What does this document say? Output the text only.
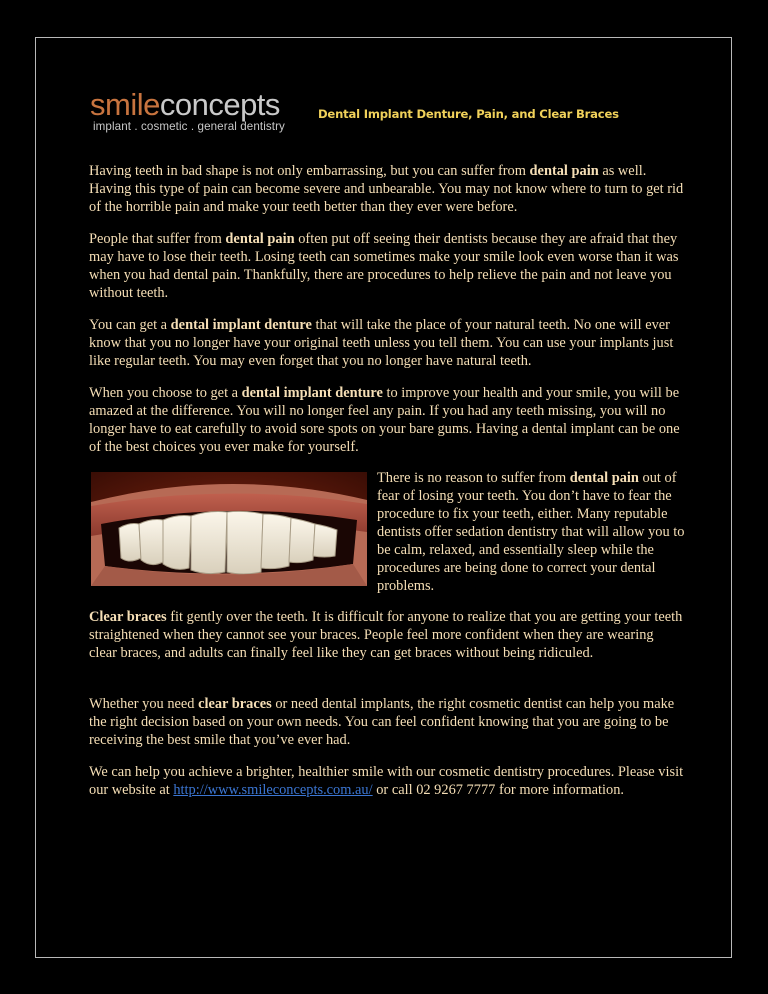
smileconcepts
implant . cosmetic . general dentistry
Dental Implant Denture, Pain, and Clear Braces

Having teeth in bad shape is not only embarrassing, but you can suffer from dental pain as well. Having this type of pain can become severe and unbearable. You may not know where to turn to get rid of the horrible pain and make your teeth better than they ever were before.

People that suffer from dental pain often put off seeing their dentists because they are afraid that they may have to lose their teeth. Losing teeth can sometimes make your smile look even worse than it was when you had dental pain. Thankfully, there are procedures to help relieve the pain and not leave you without teeth.

You can get a dental implant denture that will take the place of your natural teeth. No one will ever know that you no longer have your original teeth unless you tell them. You can use your implants just like regular teeth. You may even forget that you no longer have natural teeth.

When you choose to get a dental implant denture to improve your health and your smile, you will be amazed at the difference. You will no longer feel any pain. If you had any teeth missing, you will no longer have to eat carefully to avoid sore spots on your bare gums. Having a dental implant can be one of the best choices you ever make for yourself.

There is no reason to suffer from dental pain out of fear of losing your teeth. You don’t have to fear the procedure to fix your teeth, either. Many reputable dentists offer sedation dentistry that will allow you to be calm, relaxed, and essentially sleep while the procedures are being done to correct your dental problems.

Clear braces fit gently over the teeth. It is difficult for anyone to realize that you are getting your teeth straightened when they cannot see your braces. People feel more confident when they are wearing clear braces, and adults can finally feel like they can get braces without being ridiculed.

Whether you need clear braces or need dental implants, the right cosmetic dentist can help you make the right decision based on your own needs. You can feel confident knowing that you are going to be receiving the best smile that you’ve ever had.

We can help you achieve a brighter, healthier smile with our cosmetic dentistry procedures. Please visit our website at http://www.smileconcepts.com.au/ or call 02 9267 7777 for more information.
